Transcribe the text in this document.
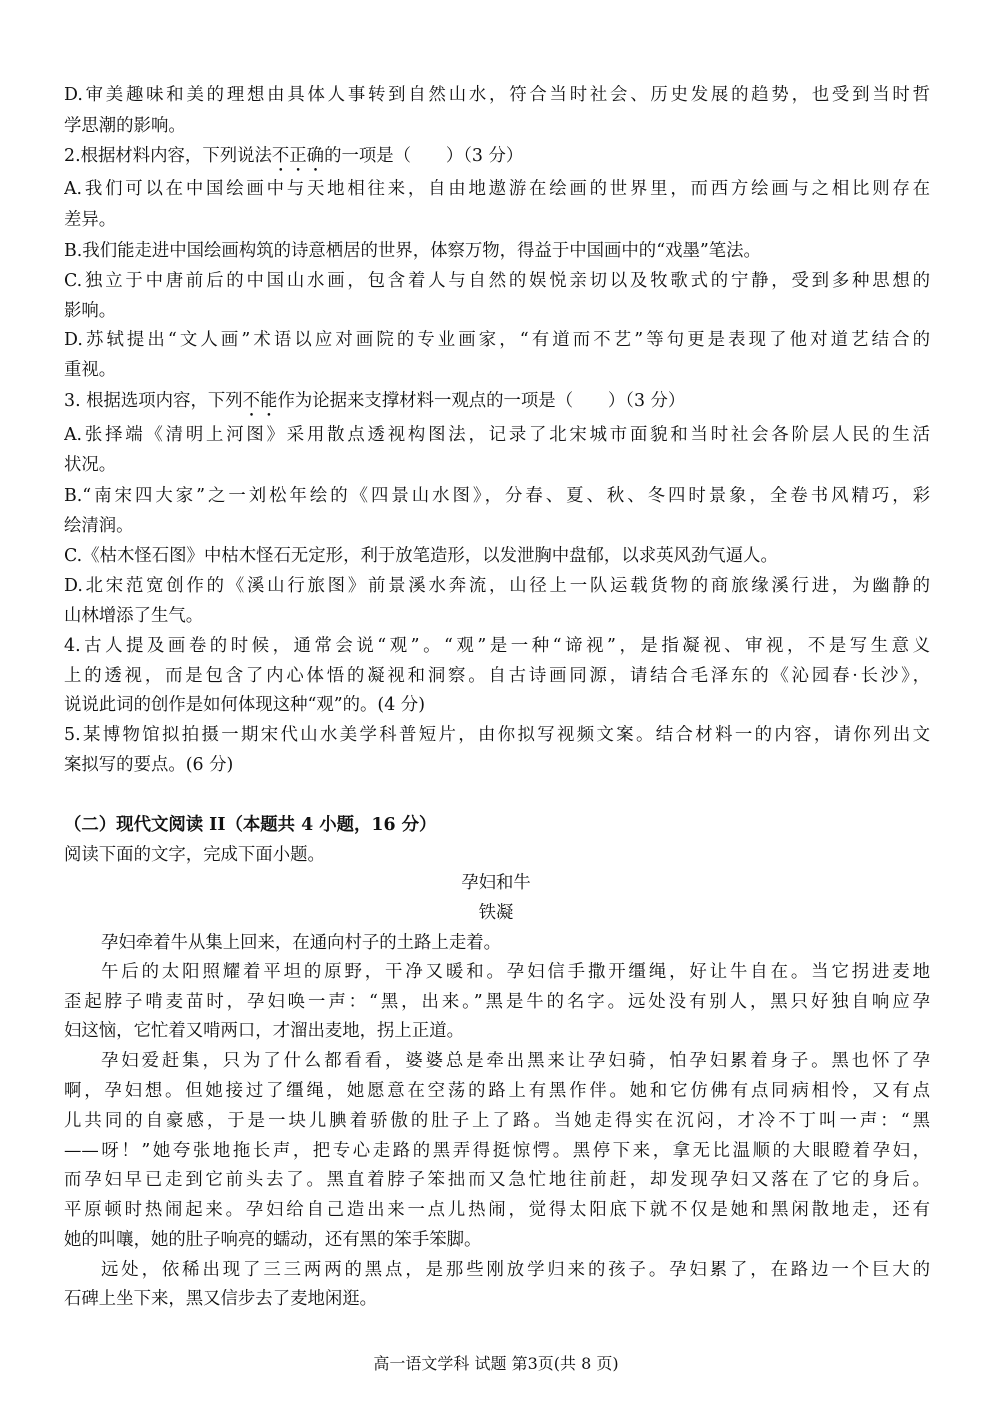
D.审美趣味和美的理想由具体人事转到自然山水，符合当时社会、历史发展的趋势，也受到当时哲
学思潮的影响。
2.根据材料内容，下列说法不正确的一项是（　　）（3 分）
A.我们可以在中国绘画中与天地相往来，自由地遨游在绘画的世界里，而西方绘画与之相比则存在
差异。
B.我们能走进中国绘画构筑的诗意栖居的世界，体察万物，得益于中国画中的“戏墨”笔法。
C.独立于中唐前后的中国山水画，包含着人与自然的娱悦亲切以及牧歌式的宁静，受到多种思想的
影响。
D.苏轼提出“文人画”术语以应对画院的专业画家，“有道而不艺”等句更是表现了他对道艺结合的
重视。
3. 根据选项内容，下列不能作为论据来支撑材料一观点的一项是（　　）（3 分）
A.张择端《清明上河图》采用散点透视构图法，记录了北宋城市面貌和当时社会各阶层人民的生活
状况。
B.“南宋四大家”之一刘松年绘的《四景山水图》，分春、夏、秋、冬四时景象，全卷书风精巧，彩
绘清润。
C.《枯木怪石图》中枯木怪石无定形，利于放笔造形，以发泄胸中盘郁，以求英风劲气逼人。
D.北宋范宽创作的《溪山行旅图》前景溪水奔流，山径上一队运载货物的商旅缘溪行进，为幽静的
山林增添了生气。
4.古人提及画卷的时候，通常会说“观”。“观”是一种“谛视”，是指凝视、审视，不是写生意义
上的透视，而是包含了内心体悟的凝视和洞察。自古诗画同源，请结合毛泽东的《沁园春·长沙》，
说说此词的创作是如何体现这种“观”的。(4 分)
5.某博物馆拟拍摄一期宋代山水美学科普短片，由你拟写视频文案。结合材料一的内容，请你列出文
案拟写的要点。(6 分)
（二）现代文阅读 II（本题共 4 小题，16 分）
阅读下面的文字，完成下面小题。
孕妇和牛
铁凝
孕妇牵着牛从集上回来，在通向村子的土路上走着。
午后的太阳照耀着平坦的原野，干净又暖和。孕妇信手撒开缰绳，好让牛自在。当它拐进麦地
歪起脖子啃麦苗时，孕妇唤一声：“黑，出来。”黑是牛的名字。远处没有别人，黑只好独自响应孕
妇这恼，它忙着又啃两口，才溜出麦地，拐上正道。
孕妇爱赶集，只为了什么都看看，婆婆总是牵出黑来让孕妇骑，怕孕妇累着身子。黑也怀了孕
啊，孕妇想。但她接过了缰绳，她愿意在空荡的路上有黑作伴。她和它仿佛有点同病相怜，又有点
儿共同的自豪感，于是一块儿腆着骄傲的肚子上了路。当她走得实在沉闷，才冷不丁叫一声：“黑
——呀！”她夸张地拖长声，把专心走路的黑弄得挺惊愕。黑停下来，拿无比温顺的大眼瞪着孕妇，
而孕妇早已走到它前头去了。黑直着脖子笨拙而又急忙地往前赶，却发现孕妇又落在了它的身后。
平原顿时热闹起来。孕妇给自己造出来一点儿热闹，觉得太阳底下就不仅是她和黑闲散地走，还有
她的叫嚷，她的肚子响亮的蠕动，还有黑的笨手笨脚。
远处，依稀出现了三三两两的黑点，是那些刚放学归来的孩子。孕妇累了，在路边一个巨大的
石碑上坐下来，黑又信步去了麦地闲逛。
高一语文学科 试题 第3页(共 8 页)
